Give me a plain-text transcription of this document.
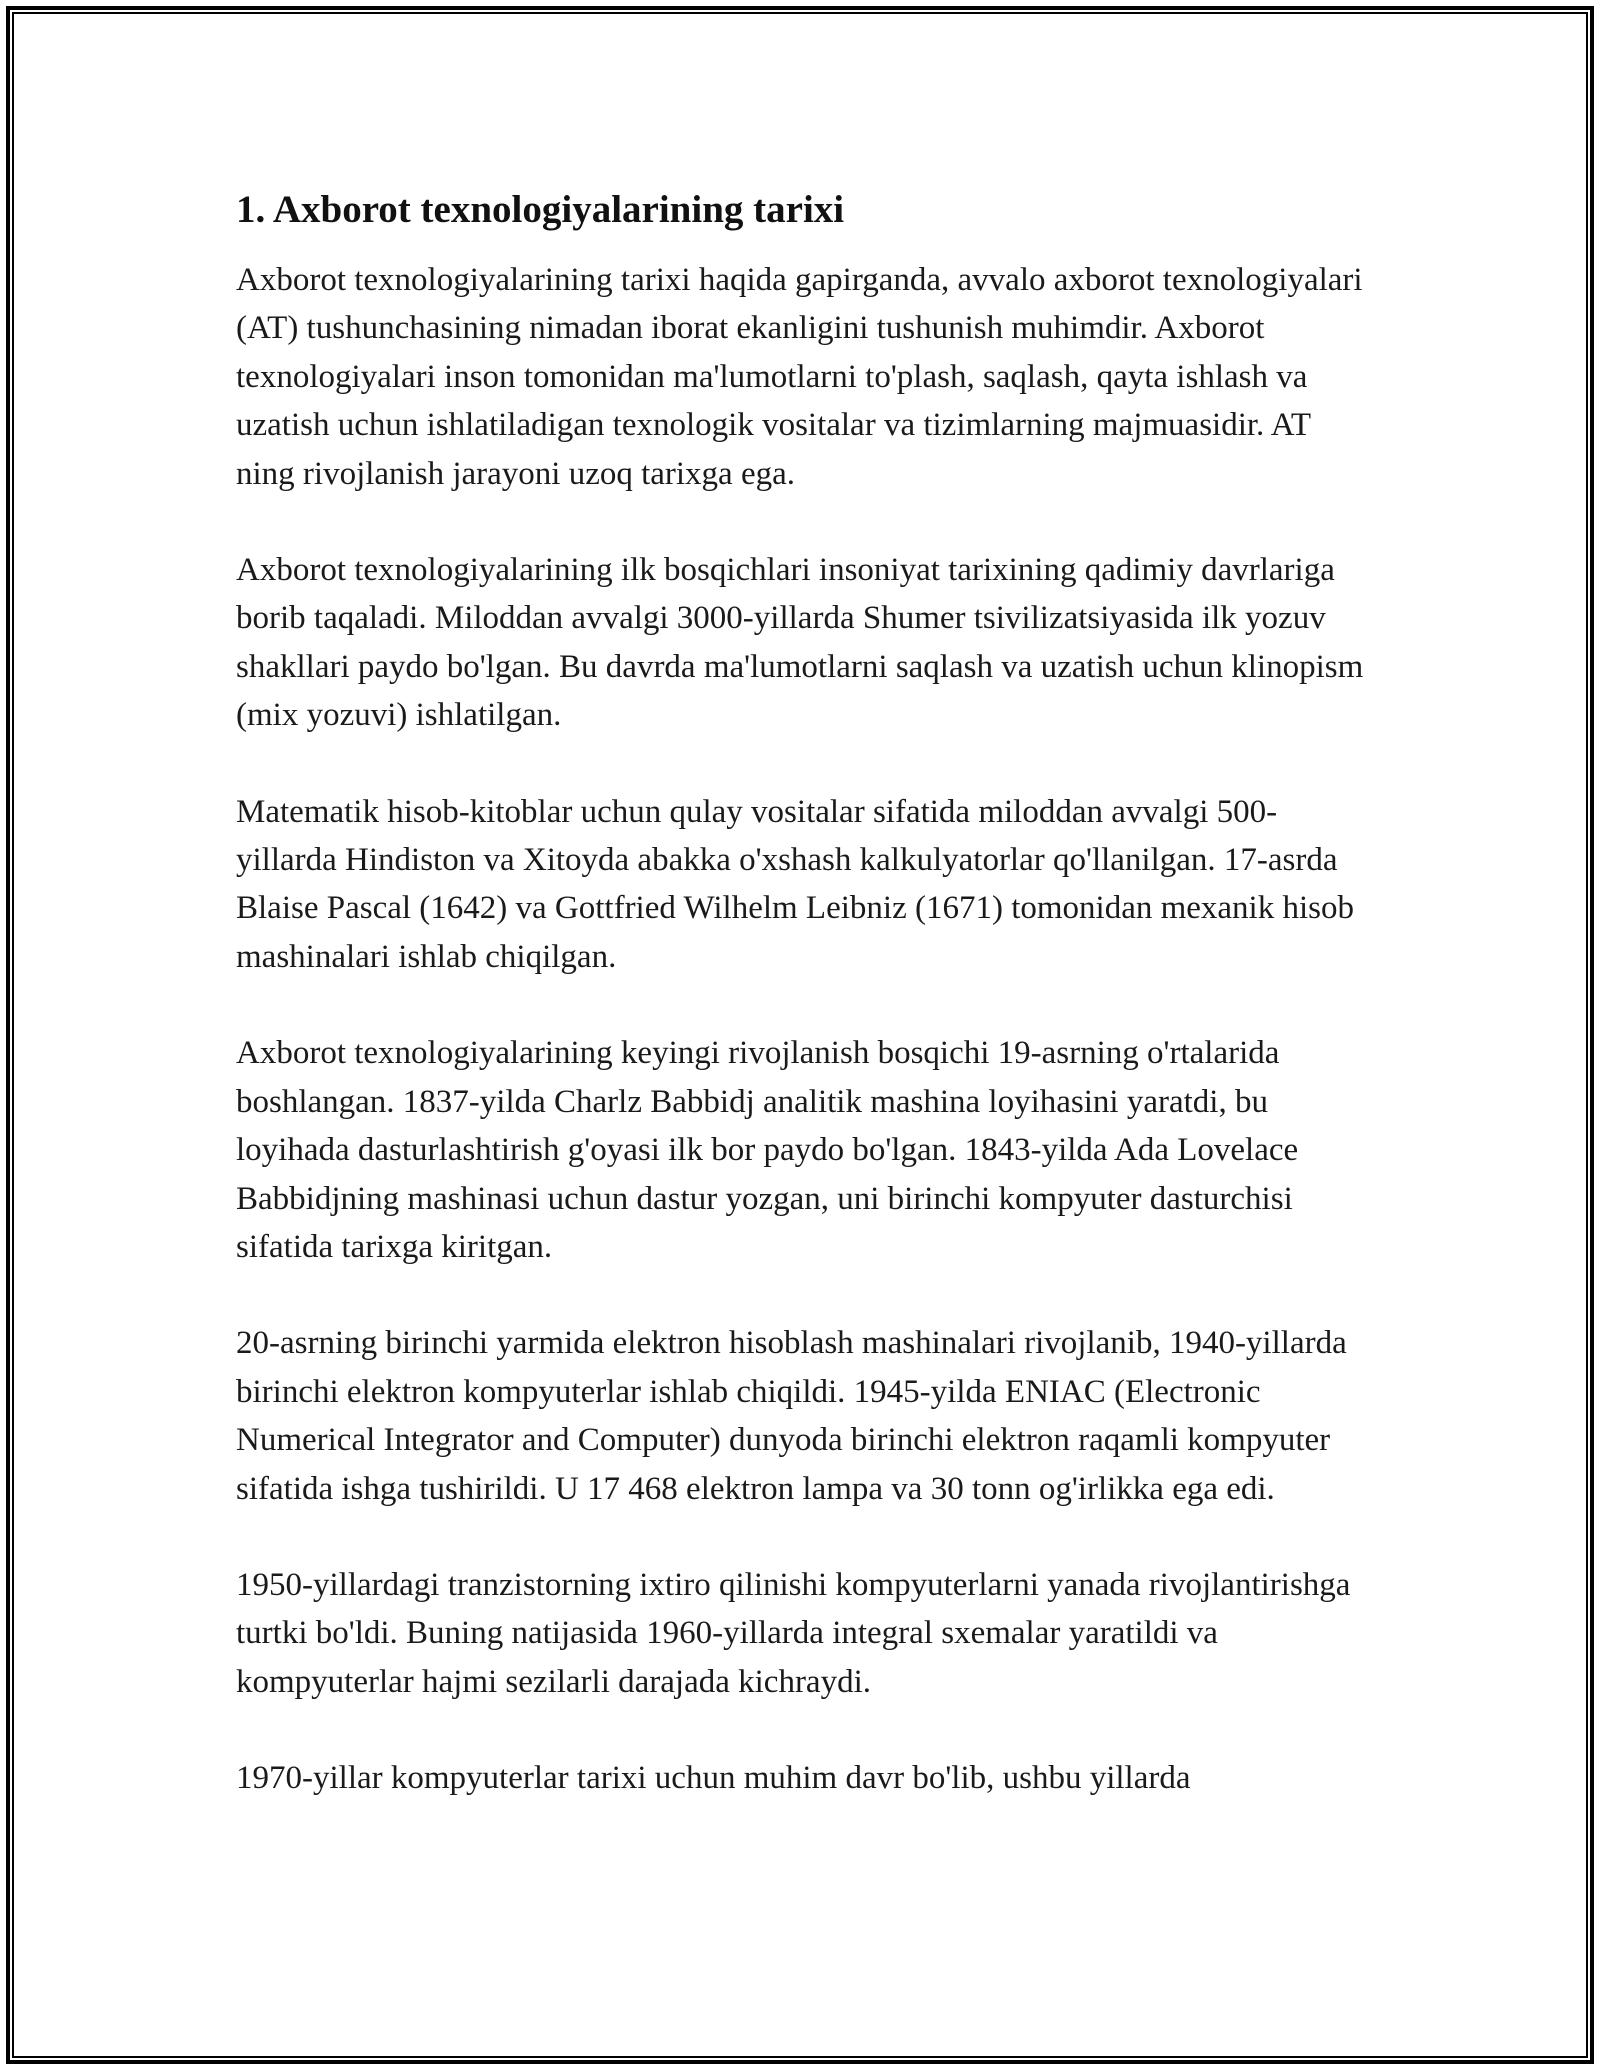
1. Axborot texnologiyalarining tarixi

Axborot texnologiyalarining tarixi haqida gapirganda, avvalo axborot texnologiyalari (AT) tushunchasining nimadan iborat ekanligini tushunish muhimdir. Axborot texnologiyalari inson tomonidan ma'lumotlarni to'plash, saqlash, qayta ishlash va uzatish uchun ishlatiladigan texnologik vositalar va tizimlarning majmuasidir. AT ning rivojlanish jarayoni uzoq tarixga ega.

Axborot texnologiyalarining ilk bosqichlari insoniyat tarixining qadimiy davrlariga borib taqaladi. Miloddan avvalgi 3000-yillarda Shumer tsivilizatsiyasida ilk yozuv shakllari paydo bo'lgan. Bu davrda ma'lumotlarni saqlash va uzatish uchun klinopism (mix yozuvi) ishlatilgan.

Matematik hisob-kitoblar uchun qulay vositalar sifatida miloddan avvalgi 500-yillarda Hindiston va Xitoyda abakka o'xshash kalkulyatorlar qo'llanilgan. 17-asrda Blaise Pascal (1642) va Gottfried Wilhelm Leibniz (1671) tomonidan mexanik hisob mashinalari ishlab chiqilgan.

Axborot texnologiyalarining keyingi rivojlanish bosqichi 19-asrning o'rtalarida boshlangan. 1837-yilda Charlz Babbidj analitik mashina loyihasini yaratdi, bu loyihada dasturlashtirish g'oyasi ilk bor paydo bo'lgan. 1843-yilda Ada Lovelace Babbidjning mashinasi uchun dastur yozgan, uni birinchi kompyuter dasturchisi sifatida tarixga kiritgan.

20-asrning birinchi yarmida elektron hisoblash mashinalari rivojlanib, 1940-yillarda birinchi elektron kompyuterlar ishlab chiqildi. 1945-yilda ENIAC (Electronic Numerical Integrator and Computer) dunyoda birinchi elektron raqamli kompyuter sifatida ishga tushirildi. U 17 468 elektron lampa va 30 tonn og'irlikka ega edi.

1950-yillardagi tranzistorning ixtiro qilinishi kompyuterlarni yanada rivojlantirishga turtki bo'ldi. Buning natijasida 1960-yillarda integral sxemalar yaratildi va kompyuterlar hajmi sezilarli darajada kichraydi.

1970-yillar kompyuterlar tarixi uchun muhim davr bo'lib, ushbu yillarda
